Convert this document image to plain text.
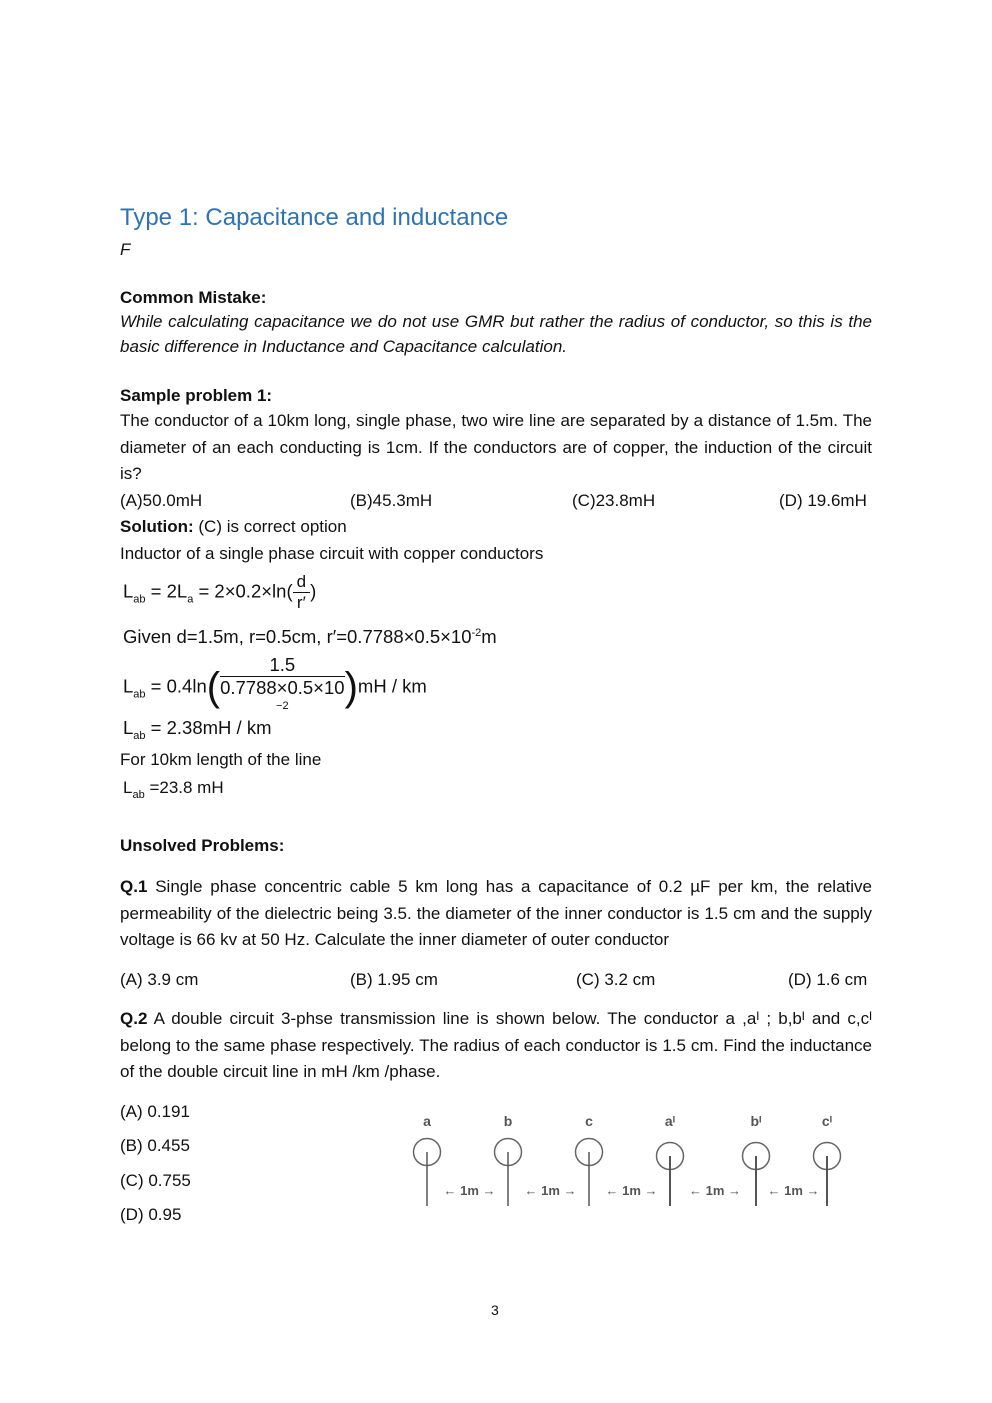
Type 1: Capacitance and inductance
F
Common Mistake:
While calculating capacitance we do not use GMR but rather the radius of conductor, so this is the basic difference in Inductance and Capacitance calculation.
Sample problem 1:
The conductor of a 10km long, single phase, two wire line are separated by a distance of 1.5m. The diameter of an each conducting is 1cm. If the conductors are of copper, the induction of the circuit is?
(A)50.0mH	(B)45.3mH	(C)23.8mH	(D) 19.6mH
Solution: (C) is correct option
Inductor of a single phase circuit with copper conductors
$L_{ab} = 2L_a = 2\times 0.2\times\ln( \frac{d}{r'}$ )
Given d=1.5m, r=0.5cm, $r'=0.7788\times 0.5\times 10^{-2}m$
$L_{ab} = 0.4\ln$( 1.5
0.7788×0.5×10
$^{-2}$ )mH / km
$L_{ab} = 2.38mH$ / km
For 10km length of the line
$L_{ab} =23.8$ mH
Unsolved Problems:
Q.1 Single phase concentric cable 5 km long has a capacitance of 0.2 µF per km, the relative permeability of the dielectric being 3.5. the diameter of the inner conductor is 1.5 cm and the supply voltage is 66 kv at 50 Hz. Calculate the inner diameter of outer conductor
(A) 3.9 cm	(B) 1.95 cm	(C) 3.2 cm	(D) 1.6 cm
Q.2 A double circuit 3-phse transmission line is shown below. The conductor a ,aᴵ ; b,bᴵ and c,cᴵ belong to the same phase respectively. The radius of each conductor is 1.5 cm. Find the inductance of the double circuit line in mH /km /phase.
(A) 0.191
(B) 0.455
(C) 0.755
(D) 0.95
a	b	c	aᴵ	bᴵ	cᴵ
← 1m → ← 1m → ← 1m → ← 1m → ← 1m →
3
